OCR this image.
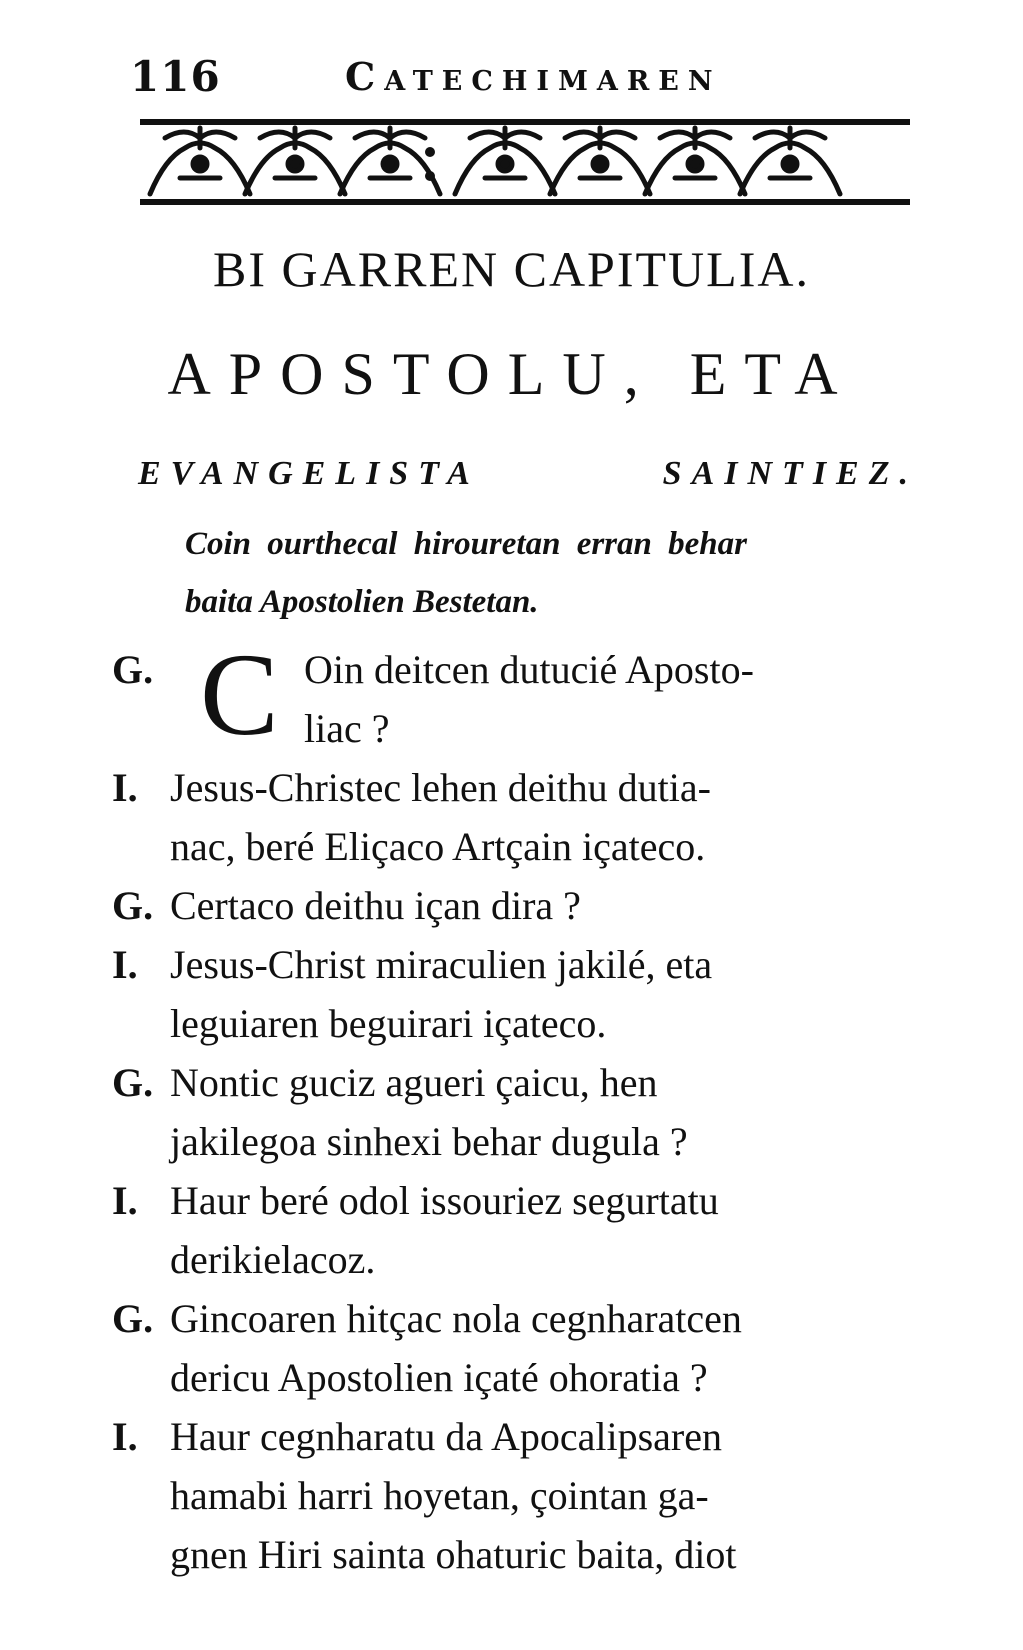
116	Catechimaren
BI GARREN CAPITULIA.
APOSTOLU, ETA
EVANGELISTA	SAINTIEZ.
Coin ourthecal hirouretan erran behar
baita Apostolien Bestetan.
G. C Oin deitcen dutucié Aposto-
liac ?
I. Jesus-Christec lehen deithu dutia-
nac, beré Eliçaco Artçain içateco.
G. Certaco deithu içan dira ?
I. Jesus-Christ miraculien jakilé, eta
leguiaren beguirari içateco.
G. Nontic guciz agueri çaicu, hen
jakilegoa sinhexi behar dugula ?
I. Haur beré odol issouriez segurtatu
derikielacoz.
G. Gincoaren hitçac nola cegnharatcen
dericu Apostolien içaté ohoratia ?
I. Haur cegnharatu da Apocalipsaren
hamabi harri hoyetan, çointan ga-
gnen Hiri sainta ohaturic baita, diot
